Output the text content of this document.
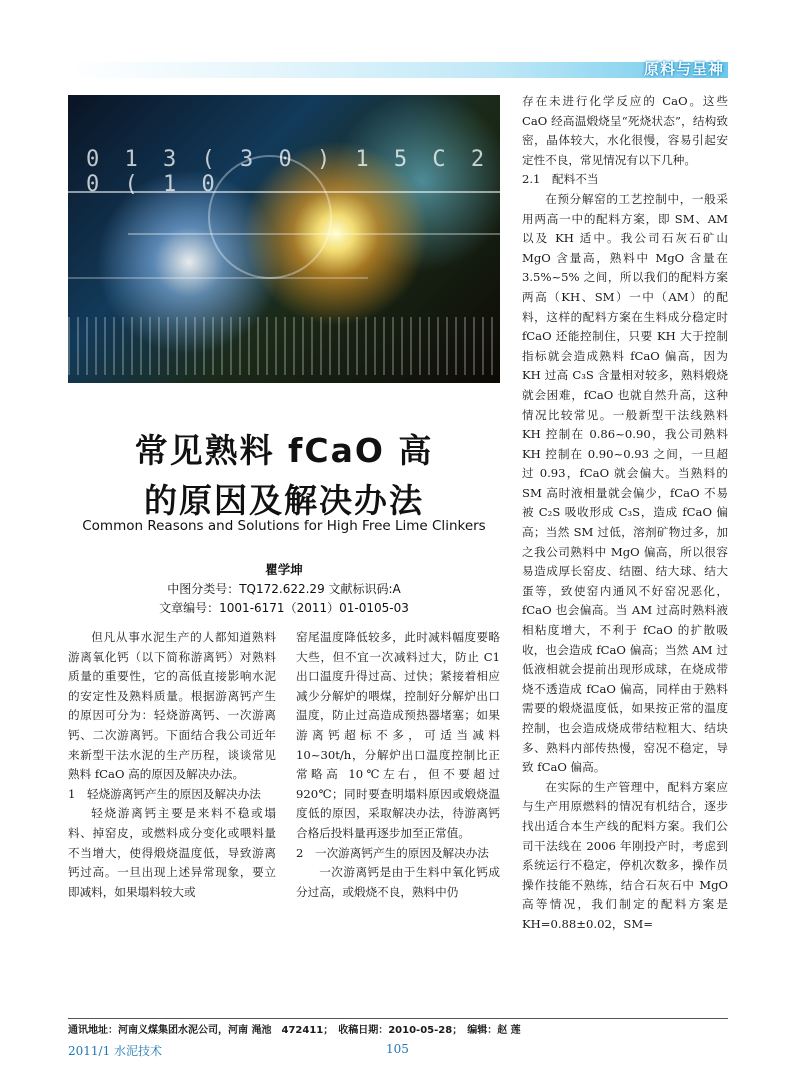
原料与呈神
0 1 3 ( 3 0 ) 1 5 C 2 0 ( 1 0
常见熟料 fCaO 高
的原因及解决办法
Common Reasons and Solutions for High Free Lime Clinkers
瞿学坤
中图分类号：TQ172.622.29 文献标识码:A
文章编号：1001-6171（2011）01-0105-03

但凡从事水泥生产的人都知道熟料游离氧化钙（以下简称游离钙）对熟料质量的重要性，它的高低直接影响水泥的安定性及熟料质量。根据游离钙产生的原因可分为：轻烧游离钙、一次游离钙、二次游离钙。下面结合我公司近年来新型干法水泥的生产历程，谈谈常见熟料 fCaO 高的原因及解决办法。

1　轻烧游离钙产生的原因及解决办法

轻烧游离钙主要是来料不稳或塌料、掉窑皮，或燃料成分变化或喂料量不当增大，使得煅烧温度低，导致游离钙过高。一旦出现上述异常现象，要立即减料，如果塌料较大或

窑尾温度降低较多，此时减料幅度要略大些，但不宜一次减料过大，防止 C1 出口温度升得过高、过快；紧接着相应减少分解炉的喂煤，控制好分解炉出口温度，防止过高造成预热器堵塞；如果游离钙超标不多，可适当减料 10~30t/h，分解炉出口温度控制比正常略高 10℃左右，但不要超过 920℃；同时要查明塌料原因或煅烧温度低的原因，采取解决办法，待游离钙合格后投料量再逐步加至正常值。

2　一次游离钙产生的原因及解决办法

一次游离钙是由于生料中氧化钙成分过高，或煅烧不良，熟料中仍

存在未进行化学反应的 CaO。这些 CaO 经高温煅烧呈“死烧状态”，结构致密，晶体较大，水化很慢，容易引起安定性不良，常见情况有以下几种。

2.1　配料不当

在预分解窑的工艺控制中，一般采用两高一中的配料方案，即 SM、AM 以及 KH 适中。我公司石灰石矿山 MgO 含量高，熟料中 MgO 含量在 3.5%~5% 之间，所以我们的配料方案两高（KH、SM）一中（AM）的配料，这样的配料方案在生料成分稳定时 fCaO 还能控制住，只要 KH 大于控制指标就会造成熟料 fCaO 偏高，因为 KH 过高 C₃S 含量相对较多，熟料煅烧就会困难，fCaO 也就自然升高，这种情况比较常见。一般新型干法线熟料 KH 控制在 0.86~0.90，我公司熟料 KH 控制在 0.90~0.93 之间，一旦超过 0.93，fCaO 就会偏大。当熟料的 SM 高时液相量就会偏少，fCaO 不易被 C₂S 吸收形成 C₃S，造成 fCaO 偏高；当然 SM 过低，溶剂矿物过多，加之我公司熟料中 MgO 偏高，所以很容易造成厚长窑皮、结圈、结大球、结大蛋等，致使窑内通风不好窑况恶化，fCaO 也会偏高。当 AM 过高时熟料液相粘度增大，不利于 fCaO 的扩散吸收，也会造成 fCaO 偏高；当然 AM 过低液相就会提前出现形成球，在烧成带烧不透造成 fCaO 偏高，同样由于熟料需要的煅烧温度低，如果按正常的温度控制，也会造成烧成带结粒粗大、结块多、熟料内部传热慢，窑况不稳定，导致 fCaO 偏高。

在实际的生产管理中，配料方案应与生产用原燃料的情况有机结合，逐步找出适合本生产线的配料方案。我们公司干法线在 2006 年刚投产时，考虑到系统运行不稳定，停机次数多，操作员操作技能不熟练，结合石灰石中 MgO 高等情况，我们制定的配料方案是 KH=0.88±0.02，SM=

通讯地址：河南义煤集团水泥公司，河南 渑池　472411；　收稿日期：2010-05-28；　编辑：赵 莲
2011/1 水泥技术	105
